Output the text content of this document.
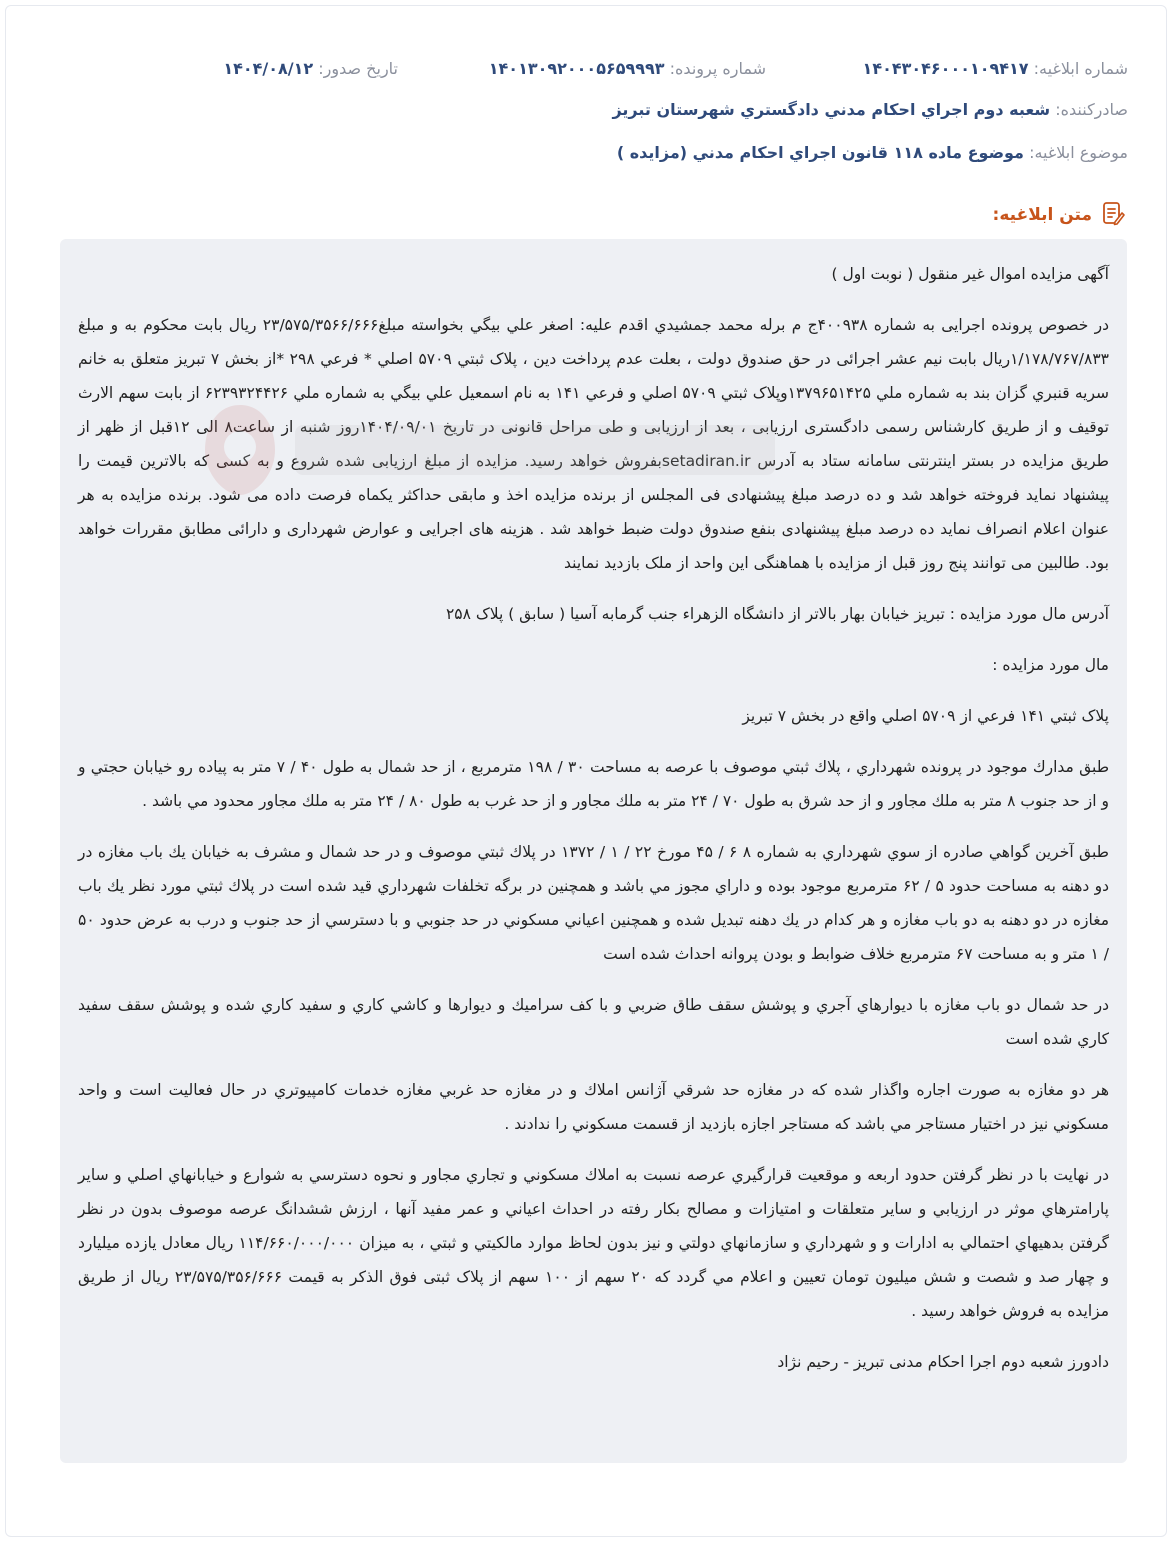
شماره ابلاغیه: ۱۴۰۴۳۰۴۶۰۰۰۱۰۹۴۱۷
شماره پرونده: ۱۴۰۱۳۰۹۲۰۰۰۵۶۵۹۹۹۳
تاریخ صدور: ۱۴۰۴/۰۸/۱۲
صادرکننده: شعبه دوم اجراي احکام مدني دادگستري شهرستان تبريز
موضوع ابلاغیه: موضوع ماده ۱۱۸ قانون اجراي احکام مدني (مزايده )
متن ابلاغیه:

آگهی مزایده اموال غیر منقول ( نوبت اول )

در خصوص پرونده اجرایی به شماره ۴۰۰۹۳۸ج م برله محمد جمشيدي اقدم عليه: اصغر علي بيگي بخواسته مبلغ۲۳/۵۷۵/۳۵۶۶/۶۶۶ ريال بابت محکوم به و مبلغ ۱/۱۷۸/۷۶۷/۸۳۳ريال بابت نیم عشر اجرائی در حق صندوق دولت ، بعلت عدم پرداخت دین ، پلاک ثبتي ۵۷۰۹ اصلي * فرعي ۲۹۸ *از بخش ۷ تبریز متعلق به خانم سريه قنبري گزان بند به شماره ملي ۱۳۷۹۶۵۱۴۲۵وپلاک ثبتي ۵۷۰۹ اصلي و فرعي ۱۴۱ به نام اسمعيل علي بيگي به شماره ملي ۶۲۳۹۳۲۴۴۲۶ از بابت سهم الارث توقيف و از طريق کارشناس رسمی دادگستری ارزیابی ، بعد از ارزیابی و طی مراحل قانونی در تاریخ ۱۴۰۴/۰۹/۰۱روز شنبه از ساعت۸ الی ۱۲قبل از ظهر از طریق مزایده در بستر اینترنتی سامانه ستاد به آدرس setadiran.irبفروش خواهد رسید. مزایده از مبلغ ارزیابی شده شروع و به کسی که بالاترین قیمت را پیشنهاد نماید فروخته خواهد شد و ده درصد مبلغ پیشنهادی فی المجلس از برنده مزایده اخذ و مابقی حداکثر یکماه فرصت داده می شود. برنده مزایده به هر عنوان اعلام انصراف نماید ده درصد مبلغ پیشنهادی بنفع صندوق دولت ضبط خواهد شد . هزینه های اجرایی و عوارض شهرداری و دارائی مطابق مقررات خواهد بود. طالبین می توانند پنج روز قبل از مزایده با هماهنگی این واحد از ملک بازدید نمایند

آدرس مال مورد مزایده : تبریز خیابان بهار بالاتر از دانشگاه الزهراء جنب گرمابه آسیا ( سابق ) پلاک ۲۵۸

مال مورد مزایده :

پلاک ثبتي ۱۴۱ فرعي از ۵۷۰۹ اصلي واقع در بخش ۷ تبريز

طبق مدارك موجود در پرونده شهرداري ، پلاك ثبتي موصوف با عرصه به مساحت ۳۰ / ۱۹۸ مترمربع ، از حد شمال به طول ۴۰ / ۷ متر به پياده رو خيابان حجتي و و از حد جنوب ۸ متر به ملك مجاور و از حد شرق به طول ۷۰ / ۲۴ متر به ملك مجاور و از حد غرب به طول ۸۰ / ۲۴ متر به ملك مجاور محدود مي باشد .

طبق آخرين گواهي صادره از سوي شهرداري به شماره ۸ ۶ / ۴۵ مورخ ۲۲ / ۱ / ۱۳۷۲ در پلاك ثبتي موصوف و در حد شمال و مشرف به خيابان يك باب مغازه در دو دهنه به مساحت حدود ۵ / ۶۲ مترمربع موجود بوده و داراي مجوز مي باشد و همچنين در برگه تخلفات شهرداري قيد شده است در پلاك ثبتي مورد نظر يك باب مغازه در دو دهنه به دو باب مغازه و هر كدام در يك دهنه تبديل شده و همچنين اعياني مسكوني در حد جنوبي و با دسترسي از حد جنوب و درب به عرض حدود ۵۰ / ۱ متر و به مساحت ۶۷ مترمربع خلاف ضوابط و بودن پروانه احداث شده است

در حد شمال دو باب مغازه با ديوارهاي آجري و پوشش سقف طاق ضربي و با كف سراميك و ديوارها و كاشي كاري و سفيد كاري شده و پوشش سقف سفيد كاري شده است

هر دو مغازه به صورت اجاره واگذار شده كه در مغازه حد شرقي آژانس املاك و در مغازه حد غربي مغازه خدمات كامپيوتري در حال فعاليت است و واحد مسكوني نيز در اختيار مستاجر مي باشد كه مستاجر اجازه بازديد از قسمت مسكوني را ندادند .

در نهايت با در نظر گرفتن حدود اربعه و موقعيت قرارگيري عرصه نسبت به املاك مسكوني و تجاري مجاور و نحوه دسترسي به شوارع و خيابانهاي اصلي و ساير پارامترهاي موثر در ارزيابي و ساير متعلقات و امتيازات و مصالح بكار رفته در احداث اعياني و عمر مفيد آنها ، ارزش ششدانگ عرصه موصوف بدون در نظر گرفتن بدهيهاي احتمالي به ادارات و و شهرداري و سازمانهاي دولتي و نيز بدون لحاظ موارد مالكيتي و ثبتي ، به ميزان ۱۱۴/۶۶۰/۰۰۰/۰۰۰ ريال معادل يازده ميليارد و چهار صد و شصت و شش ميليون تومان تعيين و اعلام مي گردد كه ۲۰ سهم از ۱۰۰ سهم از پلاک ثبتی فوق الذکر به قیمت ۲۳/۵۷۵/۳۵۶/۶۶۶ ریال از طریق مزایده به فروش خواهد رسید .

دادورز شعبه دوم اجرا احکام مدنی تبریز - رحیم نژاد
